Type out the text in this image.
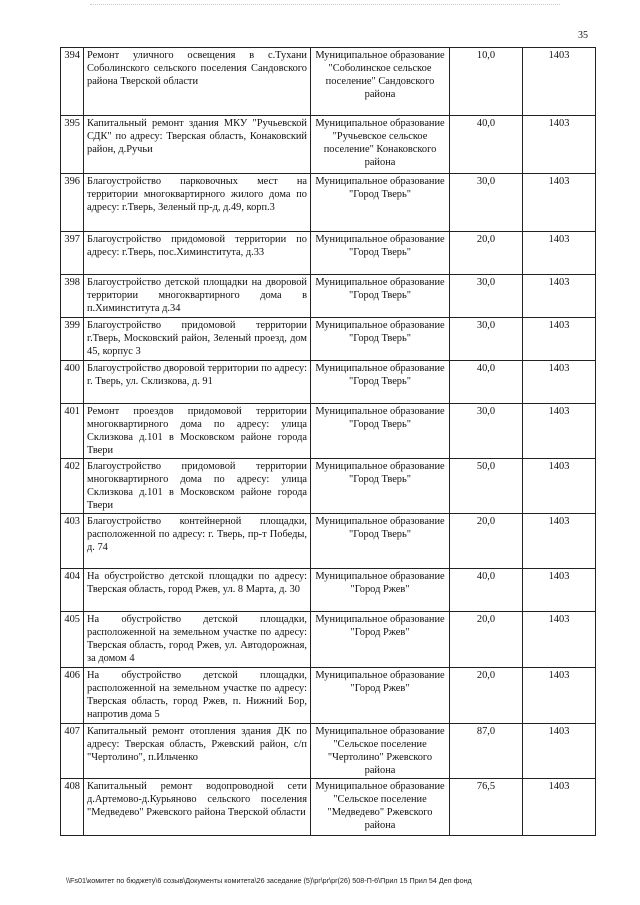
35
394	Ремонт уличного освещения в с.Тухани Соболинского сельского поселения Сандовского района Тверской области	Муниципальное образование "Соболинское сельское поселение" Сандовского района	10,0	1403
395	Капитальный ремонт здания МКУ "Ручьевской СДК" по адресу: Тверская область, Конаковский район, д.Ручьи	Муниципальное образование "Ручьевское сельское поселение" Конаковского района	40,0	1403
396	Благоустройство парковочных мест на территории многоквартирного жилого дома по адресу: г.Тверь, Зеленый пр-д, д.49, корп.3	Муниципальное образование "Город Тверь"	30,0	1403
397	Благоустройство придомовой территории по адресу: г.Тверь, пос.Химинститута, д.33	Муниципальное образование "Город Тверь"	20,0	1403
398	Благоустройство детской площадки на дворовой территории многоквартирного дома в п.Химинститута д.34	Муниципальное образование "Город Тверь"	30,0	1403
399	Благоустройство придомовой территории г.Тверь, Московский район, Зеленый проезд, дом 45, корпус 3	Муниципальное образование "Город Тверь"	30,0	1403
400	Благоустройство дворовой территории по адресу: г. Тверь, ул. Склизкова, д. 91	Муниципальное образование "Город Тверь"	40,0	1403
401	Ремонт проездов придомовой территории многоквартирного дома по адресу: улица Склизкова д.101 в Московском районе города Твери	Муниципальное образование "Город Тверь"	30,0	1403
402	Благоустройство придомовой территории многоквартирного дома по адресу: улица Склизкова д.101 в Московском районе города Твери	Муниципальное образование "Город Тверь"	50,0	1403
403	Благоустройство контейнерной площадки, расположенной по адресу: г. Тверь, пр-т Победы, д. 74	Муниципальное образование "Город Тверь"	20,0	1403
404	На обустройство детской площадки по адресу: Тверская область, город Ржев, ул. 8 Марта, д. 30	Муниципальное образование "Город Ржев"	40,0	1403
405	На обустройство детской площадки, расположенной на земельном участке по адресу: Тверская область, город Ржев, ул. Автодорожная, за домом 4	Муниципальное образование "Город Ржев"	20,0	1403
406	На обустройство детской площадки, расположенной на земельном участке по адресу: Тверская область, город Ржев, п. Нижний Бор, напротив дома 5	Муниципальное образование "Город Ржев"	20,0	1403
407	Капитальный ремонт отопления здания ДК по адресу: Тверская область, Ржевский район, с/п "Чертолино", п.Ильченко	Муниципальное образование "Сельское поселение "Чертолино" Ржевского района	87,0	1403
408	Капитальный ремонт водопроводной сети д.Артемово-д.Курьяново сельского поселения "Медведево" Ржевского района Тверской области	Муниципальное образование "Сельское поселение "Медведево" Ржевского района	76,5	1403
\\Fs01\комитет по бюджету\6 созыв\Документы комитета\26 заседание (5)\pr\pr\pr(26) 508-П-6\Прил 15 Прил 54 Деп фонд
